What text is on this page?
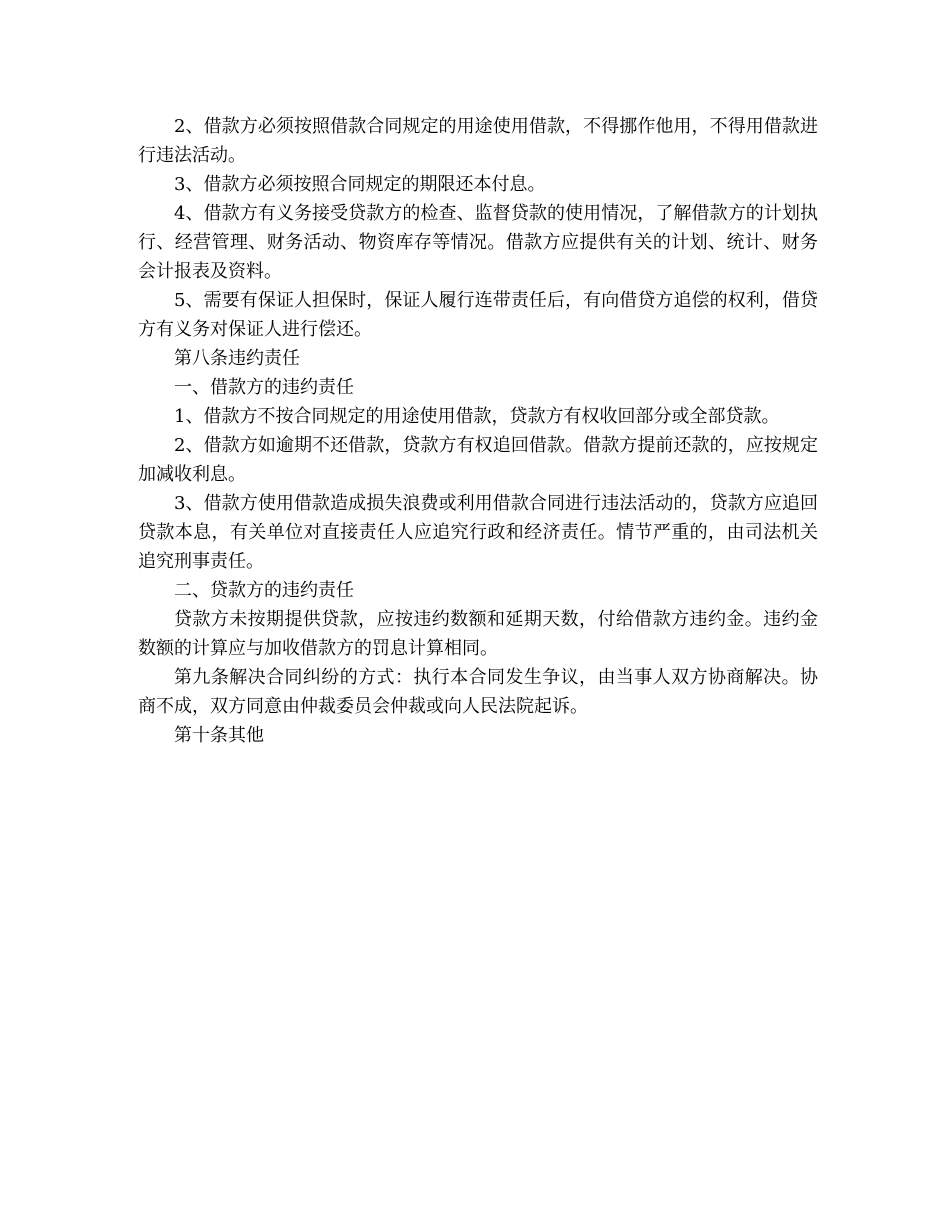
2、借款方必须按照借款合同规定的用途使用借款，不得挪作他用，不得用借款进行违法活动。

3、借款方必须按照合同规定的期限还本付息。

4、借款方有义务接受贷款方的检查、监督贷款的使用情况，了解借款方的计划执行、经营管理、财务活动、物资库存等情况。借款方应提供有关的计划、统计、财务会计报表及资料。

5、需要有保证人担保时，保证人履行连带责任后，有向借贷方追偿的权利，借贷方有义务对保证人进行偿还。

第八条违约责任

一、借款方的违约责任

1、借款方不按合同规定的用途使用借款，贷款方有权收回部分或全部贷款。

2、借款方如逾期不还借款，贷款方有权追回借款。借款方提前还款的，应按规定加减收利息。

3、借款方使用借款造成损失浪费或利用借款合同进行违法活动的，贷款方应追回贷款本息，有关单位对直接责任人应追究行政和经济责任。情节严重的，由司法机关追究刑事责任。

二、贷款方的违约责任

贷款方未按期提供贷款，应按违约数额和延期天数，付给借款方违约金。违约金数额的计算应与加收借款方的罚息计算相同。

第九条解决合同纠纷的方式：执行本合同发生争议，由当事人双方协商解决。协商不成，双方同意由仲裁委员会仲裁或向人民法院起诉。

第十条其他
